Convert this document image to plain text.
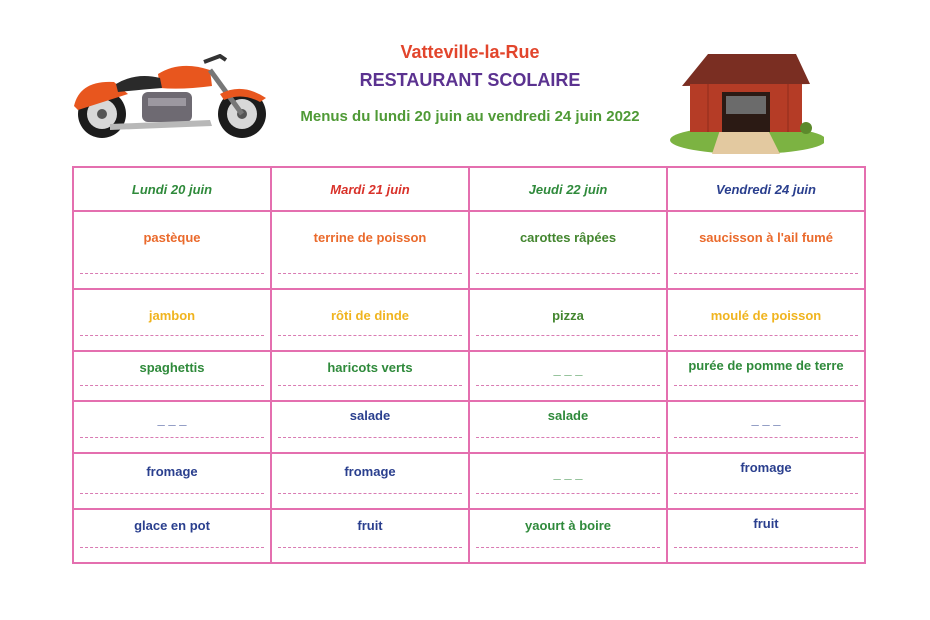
Vatteville-la-Rue
RESTAURANT SCOLAIRE
Menus du lundi 20 juin au vendredi 24 juin 2022
Lundi 20 juin	Mardi 21 juin	Jeudi 22 juin	Vendredi 24 juin

pastèque	terrine de poisson	carottes râpées	saucisson à l'ail fumé

jambon	rôti de dinde	pizza	moulé de poisson

spaghettis	haricots verts	_ _ _	purée de pomme de terre

_ _ _	salade	salade	_ _ _

fromage	fromage	_ _ _	fromage

glace en pot	fruit	yaourt à boire	fruit
